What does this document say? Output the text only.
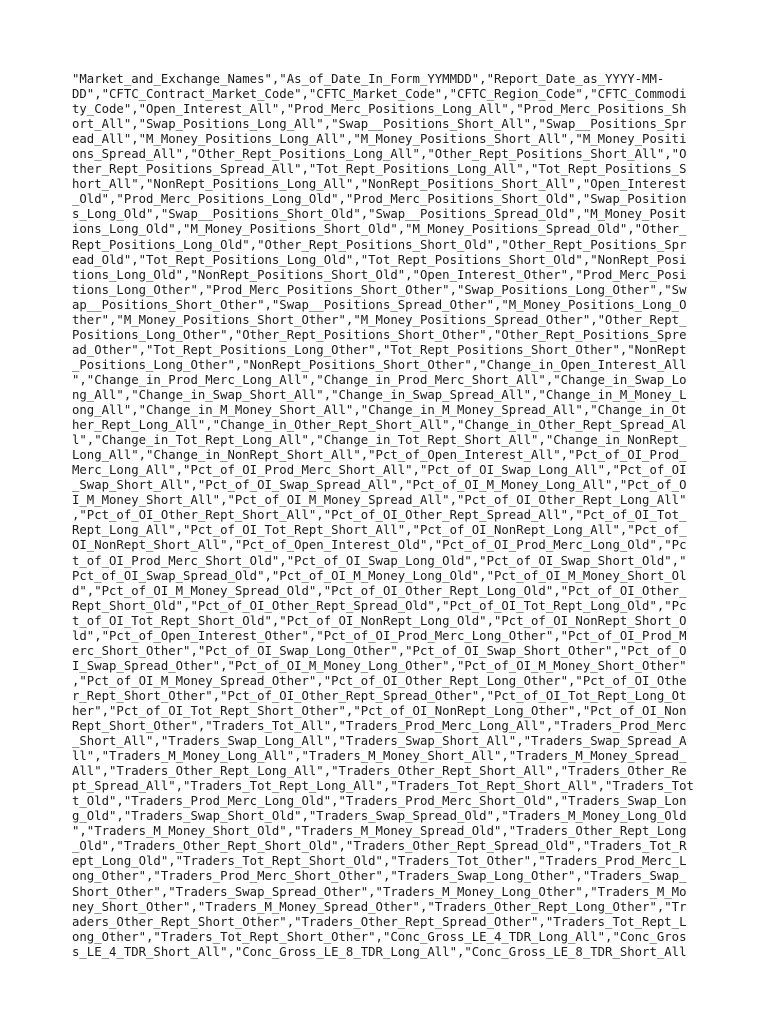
"Market_and_Exchange_Names","As_of_Date_In_Form_YYMMDD","Report_Date_as_YYYY-MM-
DD","CFTC_Contract_Market_Code","CFTC_Market_Code","CFTC_Region_Code","CFTC_Commodi
ty_Code","Open_Interest_All","Prod_Merc_Positions_Long_All","Prod_Merc_Positions_Sh
ort_All","Swap_Positions_Long_All","Swap__Positions_Short_All","Swap__Positions_Spr
ead_All","M_Money_Positions_Long_All","M_Money_Positions_Short_All","M_Money_Positi
ons_Spread_All","Other_Rept_Positions_Long_All","Other_Rept_Positions_Short_All","O
ther_Rept_Positions_Spread_All","Tot_Rept_Positions_Long_All","Tot_Rept_Positions_S
hort_All","NonRept_Positions_Long_All","NonRept_Positions_Short_All","Open_Interest
_Old","Prod_Merc_Positions_Long_Old","Prod_Merc_Positions_Short_Old","Swap_Position
s_Long_Old","Swap__Positions_Short_Old","Swap__Positions_Spread_Old","M_Money_Posit
ions_Long_Old","M_Money_Positions_Short_Old","M_Money_Positions_Spread_Old","Other_
Rept_Positions_Long_Old","Other_Rept_Positions_Short_Old","Other_Rept_Positions_Spr
ead_Old","Tot_Rept_Positions_Long_Old","Tot_Rept_Positions_Short_Old","NonRept_Posi
tions_Long_Old","NonRept_Positions_Short_Old","Open_Interest_Other","Prod_Merc_Posi
tions_Long_Other","Prod_Merc_Positions_Short_Other","Swap_Positions_Long_Other","Sw
ap__Positions_Short_Other","Swap__Positions_Spread_Other","M_Money_Positions_Long_O
ther","M_Money_Positions_Short_Other","M_Money_Positions_Spread_Other","Other_Rept_
Positions_Long_Other","Other_Rept_Positions_Short_Other","Other_Rept_Positions_Spre
ad_Other","Tot_Rept_Positions_Long_Other","Tot_Rept_Positions_Short_Other","NonRept
_Positions_Long_Other","NonRept_Positions_Short_Other","Change_in_Open_Interest_All
","Change_in_Prod_Merc_Long_All","Change_in_Prod_Merc_Short_All","Change_in_Swap_Lo
ng_All","Change_in_Swap_Short_All","Change_in_Swap_Spread_All","Change_in_M_Money_L
ong_All","Change_in_M_Money_Short_All","Change_in_M_Money_Spread_All","Change_in_Ot
her_Rept_Long_All","Change_in_Other_Rept_Short_All","Change_in_Other_Rept_Spread_Al
l","Change_in_Tot_Rept_Long_All","Change_in_Tot_Rept_Short_All","Change_in_NonRept_
Long_All","Change_in_NonRept_Short_All","Pct_of_Open_Interest_All","Pct_of_OI_Prod_
Merc_Long_All","Pct_of_OI_Prod_Merc_Short_All","Pct_of_OI_Swap_Long_All","Pct_of_OI
_Swap_Short_All","Pct_of_OI_Swap_Spread_All","Pct_of_OI_M_Money_Long_All","Pct_of_O
I_M_Money_Short_All","Pct_of_OI_M_Money_Spread_All","Pct_of_OI_Other_Rept_Long_All"
,"Pct_of_OI_Other_Rept_Short_All","Pct_of_OI_Other_Rept_Spread_All","Pct_of_OI_Tot_
Rept_Long_All","Pct_of_OI_Tot_Rept_Short_All","Pct_of_OI_NonRept_Long_All","Pct_of_
OI_NonRept_Short_All","Pct_of_Open_Interest_Old","Pct_of_OI_Prod_Merc_Long_Old","Pc
t_of_OI_Prod_Merc_Short_Old","Pct_of_OI_Swap_Long_Old","Pct_of_OI_Swap_Short_Old","
Pct_of_OI_Swap_Spread_Old","Pct_of_OI_M_Money_Long_Old","Pct_of_OI_M_Money_Short_Ol
d","Pct_of_OI_M_Money_Spread_Old","Pct_of_OI_Other_Rept_Long_Old","Pct_of_OI_Other_
Rept_Short_Old","Pct_of_OI_Other_Rept_Spread_Old","Pct_of_OI_Tot_Rept_Long_Old","Pc
t_of_OI_Tot_Rept_Short_Old","Pct_of_OI_NonRept_Long_Old","Pct_of_OI_NonRept_Short_O
ld","Pct_of_Open_Interest_Other","Pct_of_OI_Prod_Merc_Long_Other","Pct_of_OI_Prod_M
erc_Short_Other","Pct_of_OI_Swap_Long_Other","Pct_of_OI_Swap_Short_Other","Pct_of_O
I_Swap_Spread_Other","Pct_of_OI_M_Money_Long_Other","Pct_of_OI_M_Money_Short_Other"
,"Pct_of_OI_M_Money_Spread_Other","Pct_of_OI_Other_Rept_Long_Other","Pct_of_OI_Othe
r_Rept_Short_Other","Pct_of_OI_Other_Rept_Spread_Other","Pct_of_OI_Tot_Rept_Long_Ot
her","Pct_of_OI_Tot_Rept_Short_Other","Pct_of_OI_NonRept_Long_Other","Pct_of_OI_Non
Rept_Short_Other","Traders_Tot_All","Traders_Prod_Merc_Long_All","Traders_Prod_Merc
_Short_All","Traders_Swap_Long_All","Traders_Swap_Short_All","Traders_Swap_Spread_A
ll","Traders_M_Money_Long_All","Traders_M_Money_Short_All","Traders_M_Money_Spread_
All","Traders_Other_Rept_Long_All","Traders_Other_Rept_Short_All","Traders_Other_Re
pt_Spread_All","Traders_Tot_Rept_Long_All","Traders_Tot_Rept_Short_All","Traders_Tot
t_Old","Traders_Prod_Merc_Long_Old","Traders_Prod_Merc_Short_Old","Traders_Swap_Lon
g_Old","Traders_Swap_Short_Old","Traders_Swap_Spread_Old","Traders_M_Money_Long_Old
","Traders_M_Money_Short_Old","Traders_M_Money_Spread_Old","Traders_Other_Rept_Long
_Old","Traders_Other_Rept_Short_Old","Traders_Other_Rept_Spread_Old","Traders_Tot_R
ept_Long_Old","Traders_Tot_Rept_Short_Old","Traders_Tot_Other","Traders_Prod_Merc_L
ong_Other","Traders_Prod_Merc_Short_Other","Traders_Swap_Long_Other","Traders_Swap_
Short_Other","Traders_Swap_Spread_Other","Traders_M_Money_Long_Other","Traders_M_Mo
ney_Short_Other","Traders_M_Money_Spread_Other","Traders_Other_Rept_Long_Other","Tr
aders_Other_Rept_Short_Other","Traders_Other_Rept_Spread_Other","Traders_Tot_Rept_L
ong_Other","Traders_Tot_Rept_Short_Other","Conc_Gross_LE_4_TDR_Long_All","Conc_Gros
s_LE_4_TDR_Short_All","Conc_Gross_LE_8_TDR_Long_All","Conc_Gross_LE_8_TDR_Short_All
